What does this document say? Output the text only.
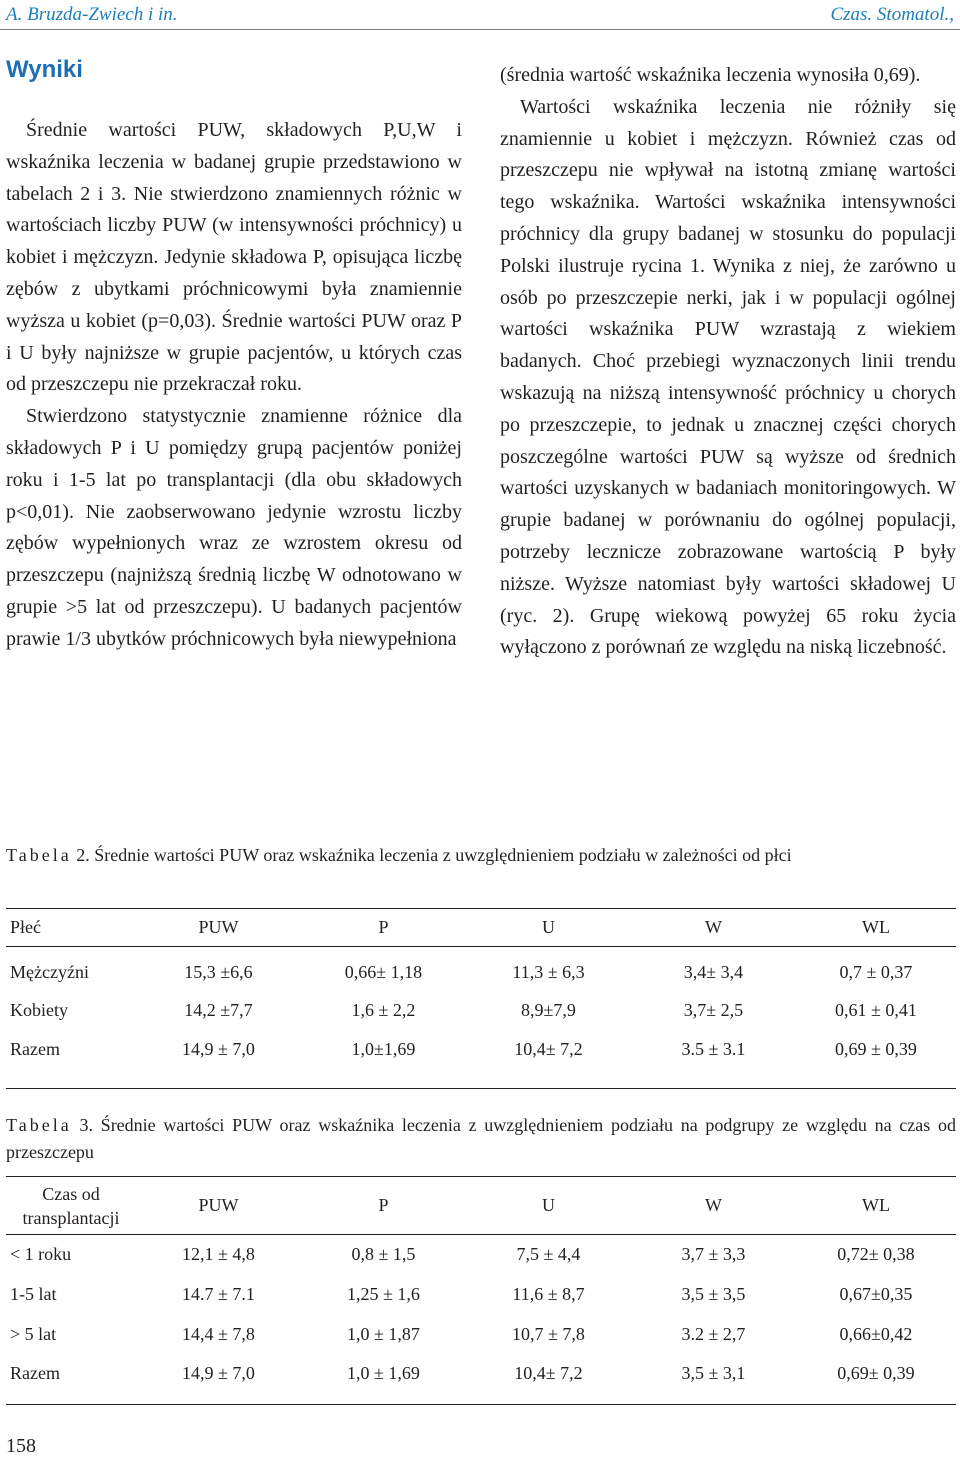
A. Bruzda-Zwiech i in.	Czas. Stomatol.,
Wyniki

Średnie wartości PUW, składowych P,U,W i wskaźnika leczenia w badanej grupie przedstawiono w tabelach 2 i 3. Nie stwierdzono znamiennych różnic w wartościach liczby PUW (w intensywności próchnicy) u kobiet i mężczyzn. Jedynie składowa P, opisująca liczbę zębów z ubytkami próchnicowymi była znamiennie wyższa u kobiet (p=0,03). Średnie wartości PUW oraz P i U były najniższe w grupie pacjentów, u których czas od przeszczepu nie przekraczał roku.

Stwierdzono statystycznie znamienne różnice dla składowych P i U pomiędzy grupą pacjentów poniżej roku i 1-5 lat po transplantacji (dla obu składowych p<0,01). Nie zaobserwowano jedynie wzrostu liczby zębów wypełnionych wraz ze wzrostem okresu od przeszczepu (najniższą średnią liczbę W odnotowano w grupie >5 lat od przeszczepu). U badanych pacjentów prawie 1/3 ubytków próchnicowych była niewypełniona

(średnia wartość wskaźnika leczenia wynosiła 0,69).

Wartości wskaźnika leczenia nie różniły się znamiennie u kobiet i mężczyzn. Również czas od przeszczepu nie wpływał na istotną zmianę wartości tego wskaźnika. Wartości wskaźnika intensywności próchnicy dla grupy badanej w stosunku do populacji Polski ilustruje rycina 1. Wynika z niej, że zarówno u osób po przeszczepie nerki, jak i w populacji ogólnej wartości wskaźnika PUW wzrastają z wiekiem badanych. Choć przebiegi wyznaczonych linii trendu wskazują na niższą intensywność próchnicy u chorych po przeszczepie, to jednak u znacznej części chorych poszczególne wartości PUW są wyższe od średnich wartości uzyskanych w badaniach monitoringowych. W grupie badanej w porównaniu do ogólnej populacji, potrzeby lecznicze zobrazowane wartością P były niższe. Wyższe natomiast były wartości składowej U (ryc. 2). Grupę wiekową powyżej 65 roku życia wyłączono z porównań ze względu na niską liczebność.

Tabela 2. Średnie wartości PUW oraz wskaźnika leczenia z uwzględnieniem podziału w zależności od płci
Płeć	PUW	P	U	W	WL
Mężczyźni	15,3 ±6,6	0,66± 1,18	11,3 ± 6,3	3,4± 3,4	0,7 ± 0,37
Kobiety	14,2 ±7,7	1,6 ± 2,2	8,9±7,9	3,7± 2,5	0,61 ± 0,41
Razem	14,9 ± 7,0	1,0±1,69	10,4± 7,2	3.5 ± 3.1	0,69 ± 0,39
Tabela 3. Średnie wartości PUW oraz wskaźnika leczenia z uwzględnieniem podziału na podgrupy ze względu na czas od przeszczepu
Czas od transplantacji	PUW	P	U	W	WL
< 1 roku	12,1 ± 4,8	0,8 ± 1,5	7,5 ± 4,4	3,7 ± 3,3	0,72± 0,38
1-5 lat	14.7 ± 7.1	1,25 ± 1,6	11,6 ± 8,7	3,5 ± 3,5	0,67±0,35
> 5 lat	14,4 ± 7,8	1,0 ± 1,87	10,7 ± 7,8	3.2 ± 2,7	0,66±0,42
Razem	14,9 ± 7,0	1,0 ± 1,69	10,4± 7,2	3,5 ± 3,1	0,69± 0,39
158
